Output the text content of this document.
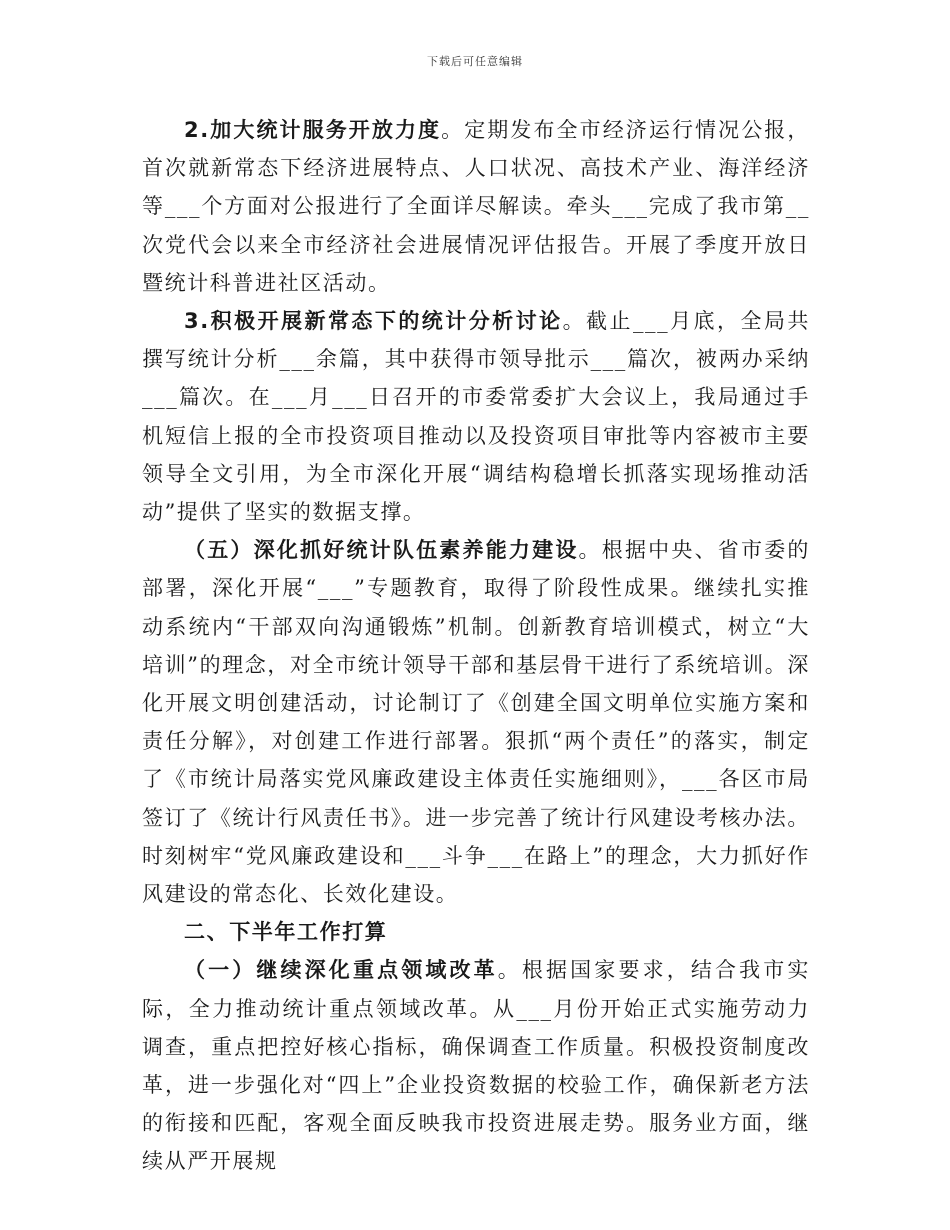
下载后可任意编辑

2.加大统计服务开放力度。定期发布全市经济运行情况公报，首次就新常态下经济进展特点、人口状况、高技术产业、海洋经济等___个方面对公报进行了全面详尽解读。牵头___完成了我市第__次党代会以来全市经济社会进展情况评估报告。开展了季度开放日暨统计科普进社区活动。

3.积极开展新常态下的统计分析讨论。截止___月底，全局共撰写统计分析___余篇，其中获得市领导批示___篇次，被两办采纳___篇次。在___月___日召开的市委常委扩大会议上，我局通过手机短信上报的全市投资项目推动以及投资项目审批等内容被市主要领导全文引用，为全市深化开展“调结构稳增长抓落实现场推动活动”提供了坚实的数据支撑。

（五）深化抓好统计队伍素养能力建设。根据中央、省市委的部署，深化开展“___”专题教育，取得了阶段性成果。继续扎实推动系统内“干部双向沟通锻炼”机制。创新教育培训模式，树立“大培训”的理念，对全市统计领导干部和基层骨干进行了系统培训。深化开展文明创建活动，讨论制订了《创建全国文明单位实施方案和责任分解》，对创建工作进行部署。狠抓“两个责任”的落实，制定了《市统计局落实党风廉政建设主体责任实施细则》，___各区市局签订了《统计行风责任书》。进一步完善了统计行风建设考核办法。时刻树牢“党风廉政建设和___斗争___在路上”的理念，大力抓好作风建设的常态化、长效化建设。

二、下半年工作打算

（一）继续深化重点领域改革。根据国家要求，结合我市实际，全力推动统计重点领域改革。从___月份开始正式实施劳动力调查，重点把控好核心指标，确保调查工作质量。积极投资制度改革，进一步强化对“四上”企业投资数据的校验工作，确保新老方法的衔接和匹配，客观全面反映我市投资进展走势。服务业方面，继续从严开展规
